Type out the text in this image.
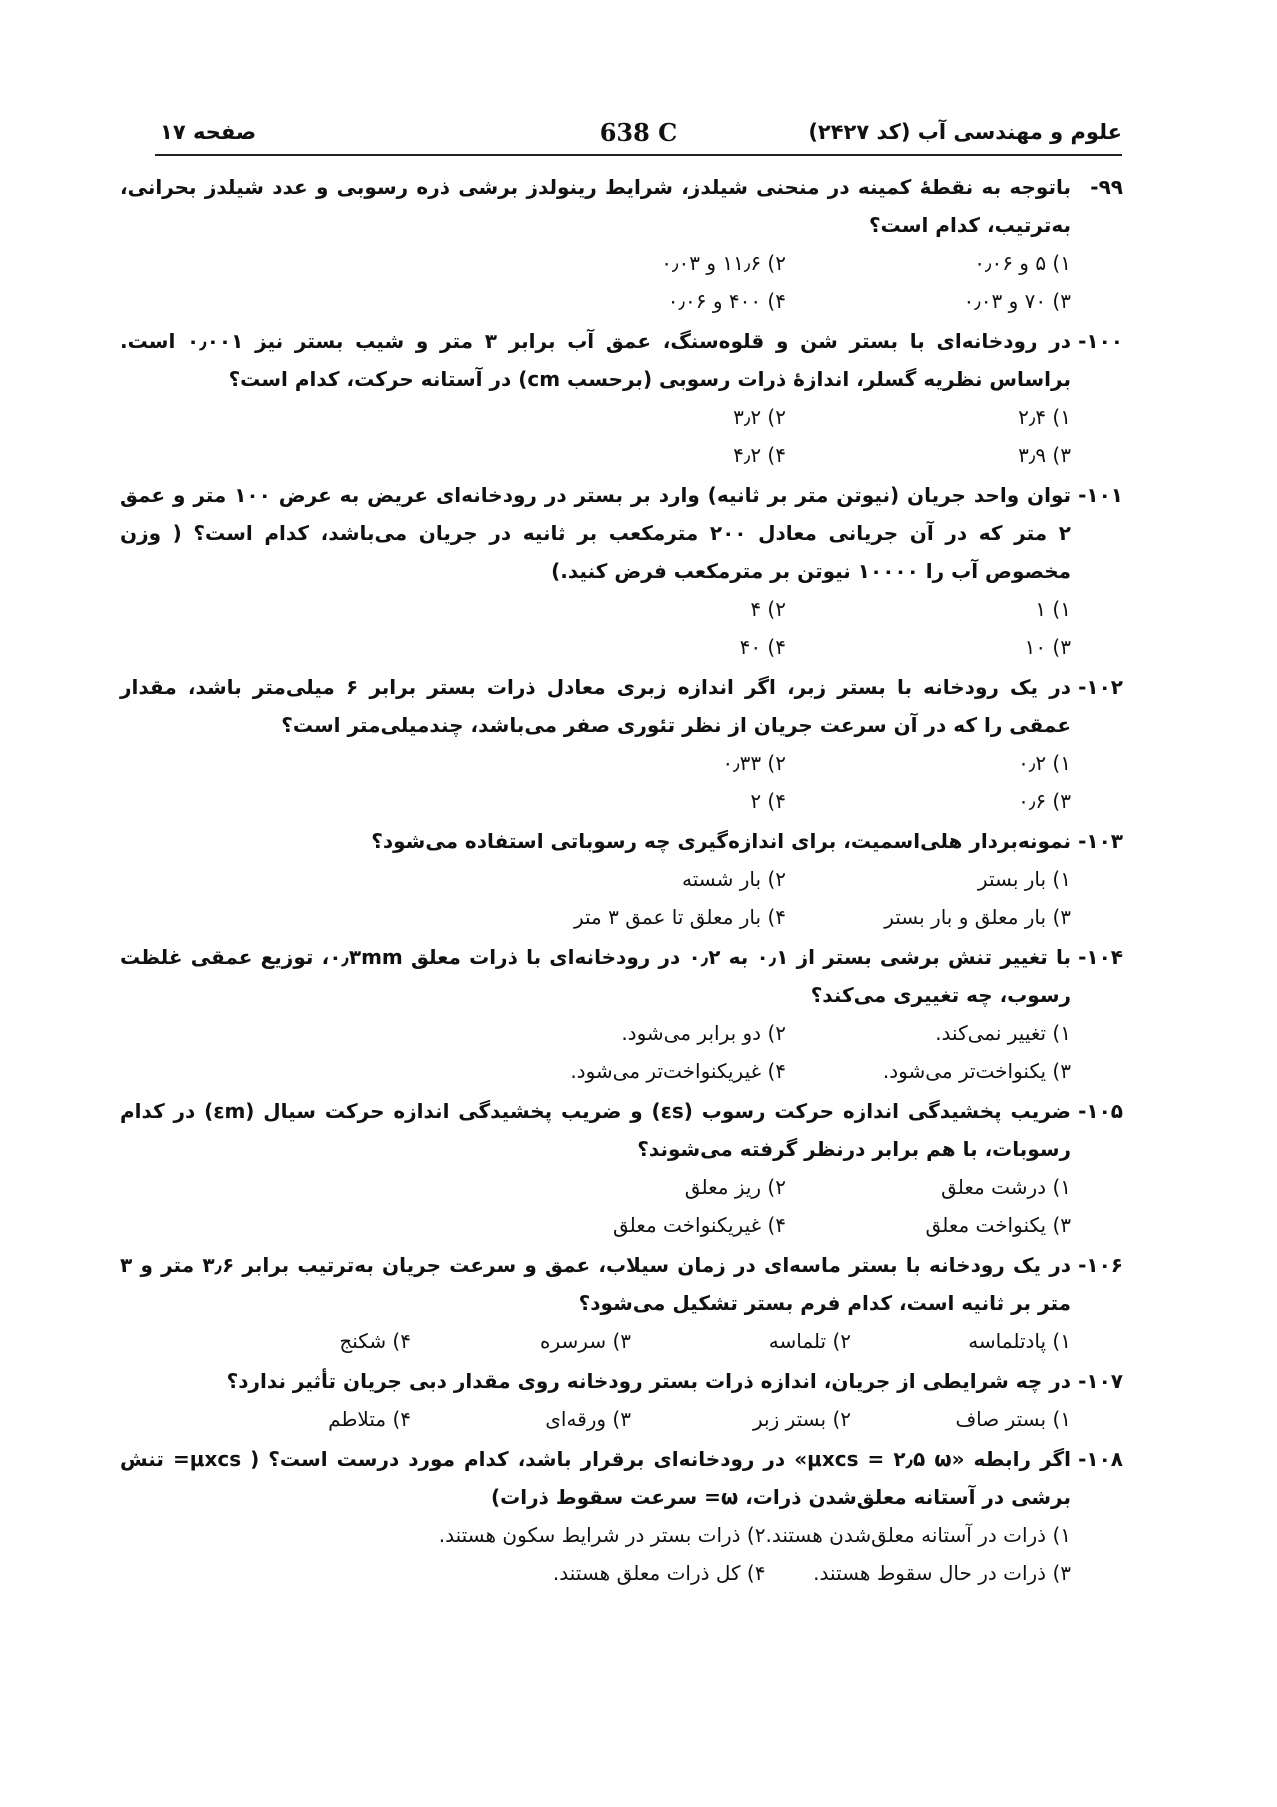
علوم و مهندسی آب (کد ۲۴۲۷)
638 C
صفحه ۱۷
۹۹-
باتوجه به نقطهٔ کمینه در منحنی شیلدز، شرایط رینولدز برشی ذره رسوبی و عدد شیلدز بحرانی، به‌ترتیب، کدام است؟
۱) ۵ و ۰٫۰۶
۲) ۱۱٫۶ و ۰٫۰۳
۳) ۷۰ و ۰٫۰۳
۴) ۴۰۰ و ۰٫۰۶
۱۰۰-
در رودخانه‌ای با بستر شن و قلوه‌سنگ، عمق آب برابر ۳ متر و شیب بستر نیز ۰٫۰۰۱ است. براساس نظریه گسلر، اندازهٔ ذرات رسوبی (برحسب cm) در آستانه حرکت، کدام است؟
۱) ۲٫۴
۲) ۳٫۲
۳) ۳٫۹
۴) ۴٫۲
۱۰۱-
توان واحد جریان (نیوتن متر بر ثانیه) وارد بر بستر در رودخانه‌ای عریض به عرض ۱۰۰ متر و عمق ۲ متر که در آن جریانی معادل ۲۰۰ مترمکعب بر ثانیه در جریان می‌باشد، کدام است؟ ( وزن مخصوص آب را ۱۰۰۰۰ نیوتن بر مترمکعب فرض کنید.)
۱) ۱
۲) ۴
۳) ۱۰
۴) ۴۰
۱۰۲-
در یک رودخانه با بستر زبر، اگر اندازه زبری معادل ذرات بستر برابر ۶ میلی‌متر باشد، مقدار عمقی را که در آن سرعت جریان از نظر تئوری صفر می‌باشد، چندمیلی‌متر است؟
۱) ۰٫۲
۲) ۰٫۳۳
۳) ۰٫۶
۴) ۲
۱۰۳-
نمونه‌بردار هلی‌اسمیت، برای اندازه‌گیری چه رسوباتی استفاده می‌شود؟
۱) بار بستر
۲) بار شسته
۳) بار معلق و بار بستر
۴) بار معلق تا عمق ۳ متر
۱۰۴-
با تغییر تنش برشی بستر از ۰٫۱ به ۰٫۲ در رودخانه‌ای با ذرات معلق ۰٫۳mm، توزیع عمقی غلظت رسوب، چه تغییری می‌کند؟
۱) تغییر نمی‌کند.
۲) دو برابر می‌شود.
۳) یکنواخت‌تر می‌شود.
۴) غیریکنواخت‌تر می‌شود.
۱۰۵-
ضریب پخشیدگی اندازه حرکت رسوب (εs) و ضریب پخشیدگی اندازه حرکت سیال (εm) در کدام رسوبات، با هم برابر درنظر گرفته می‌شوند؟
۱) درشت معلق
۲) ریز معلق
۳) یکنواخت معلق
۴) غیریکنواخت معلق
۱۰۶-
در یک رودخانه با بستر ماسه‌ای در زمان سیلاب، عمق و سرعت جریان به‌ترتیب برابر ۳٫۶ متر و ۳ متر بر ثانیه است، کدام فرم بستر تشکیل می‌شود؟
۱) پادتلماسه
۲) تلماسه
۳) سرسره
۴) شکنج
۱۰۷-
در چه شرایطی از جریان، اندازه ذرات بستر رودخانه روی مقدار دبی جریان تأثیر ندارد؟
۱) بستر صاف
۲) بستر زبر
۳) ورقه‌ای
۴) متلاطم
۱۰۸-
اگر رابطه «μxcs = ۲٫۵ ω» در رودخانه‌ای برقرار باشد، کدام مورد درست است؟ ( μxcs= تنش برشی در آستانه معلق‌شدن ذرات، ω= سرعت سقوط ذرات)
۱) ذرات در آستانه معلق‌شدن هستند.
۲) ذرات بستر در شرایط سکون هستند.
۳) ذرات در حال سقوط هستند.
۴) کل ذرات معلق هستند.
